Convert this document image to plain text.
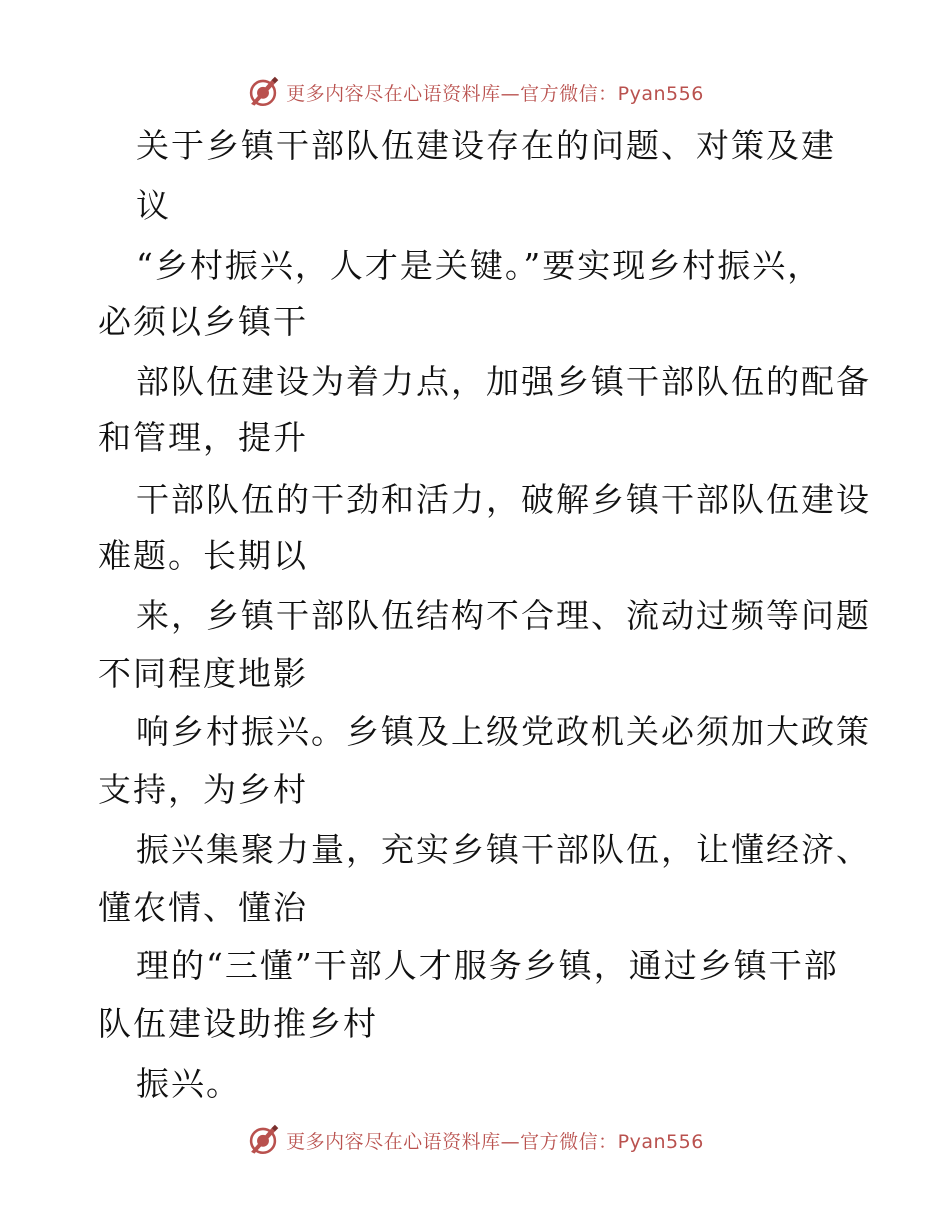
更多内容尽在心语资料库—官方微信：Pyan556
关于乡镇干部队伍建设存在的问题、对策及建
议
“乡村振兴，人才是关键。”要实现乡村振兴，
必须以乡镇干
部队伍建设为着力点，加强乡镇干部队伍的配备
和管理，提升
干部队伍的干劲和活力，破解乡镇干部队伍建设
难题。长期以
来，乡镇干部队伍结构不合理、流动过频等问题
不同程度地影
响乡村振兴。乡镇及上级党政机关必须加大政策
支持，为乡村
振兴集聚力量，充实乡镇干部队伍，让懂经济、
懂农情、懂治
理的“三懂”干部人才服务乡镇，通过乡镇干部
队伍建设助推乡村
振兴。
更多内容尽在心语资料库—官方微信：Pyan556
